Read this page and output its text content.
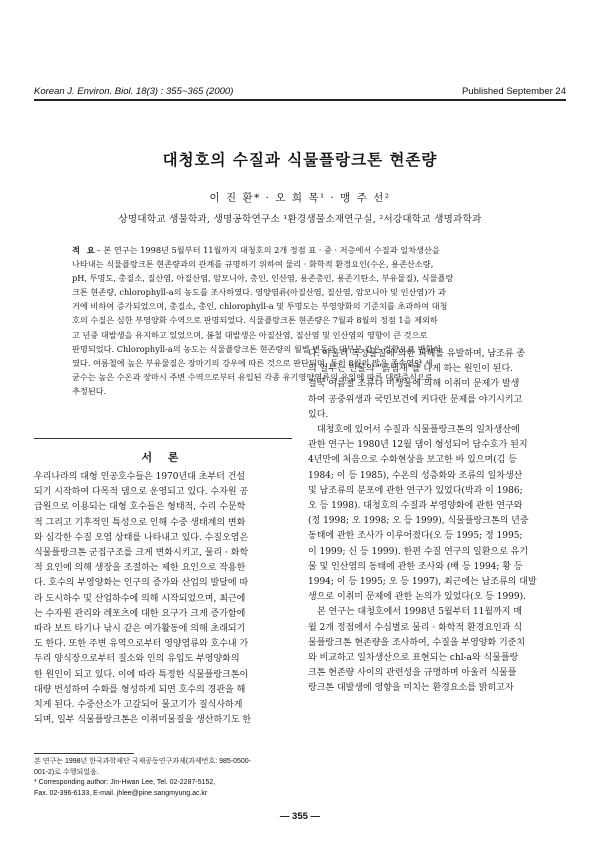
Korean J. Environ. Biol. 18(3) : 355~365 (2000)	Published September 24
대청호의 수질과 식물플랑크톤 현존량
이 진 환* · 오 희 목¹ · 맹 주 선²
상명대학교 생물학과, 생명공학연구소 ¹환경생물소재연구실, ²서강대학교 생명과학과
적 요– 본 연구는 1998년 5월부터 11월까지 대청호의 2개 정점 표 · 중 · 저층에서 수질과 일차생산을
나타내는 식물플랑크톤 현존량과의 관계를 규명하기 위하여 물리 · 화학적 환경요인(수온, 용존산소량,
pH, 투명도, 총질소, 질산염, 아질산염, 암모니아, 총인, 인산염, 용존총인, 용존기탄소, 부유물질), 식물플랑
크톤 현존량, chlorophyll-a의 농도를 조사하였다. 영양염류(아질산염, 질산염, 암모니아 및 인산염)가 과
거에 비하여 증가되었으며, 총질소, 총인, chlorophyll-a 및 투명도는 부영양화의 기준치를 초과하여 대청
호의 수질은 심한 부영양화 수역으로 판명되었다. 식물플랑크톤 현존량은 7월과 8월의 정점 1을 제외하
고 년중 대발생을 유지하고 있었으며, 봄철 대발생은 아질산염, 질산염 및 인산염의 영향이 큰 것으로
판명되었다. Chlorophyll-a의 농도는 식물플랑크톤 현존량의 월별 변동과 대부분 같은 경향으로 변화하
였다. 여름철에 높은 부유물질은 장마기의 강우에 따른 것으로 판단되며, 특히 8월의 많은 종속영양 세
균수는 높은 수온과 장마시 주변 수역으로부터 유입된 각종 유기영양염류의 유입에 따른 대량증식으로
추정된다.
서 론
우리나라의 대형 인공호수들은 1970년대 초부터 건설
되기 시작하여 다목적 댐으로 운영되고 있다. 수자원 공
급원으로 이용되는 대형 호수들은 형태적, 수리 수문학
적 그리고 기후적인 특성으로 인해 수중 생태계의 변화
와 심각한 수질 오염 상태를 나타내고 있다. 수질오염은
식물플랑크톤 군집구조를 크게 변화시키고, 물리 · 화학
적 요인에 의해 생장을 조절하는 제한 요인으로 작용한
다. 호수의 부영양화는 인구의 증가와 산업의 발달에 따
라 도시하수 및 산업하수에 의해 시작되었으며, 최근에
는 수자원 관리와 레포츠에 대한 요구가 크게 증가함에
따라 보트 타기나 낚시 같은 여가활동에 의해 초래되기
도 한다. 또한 주변 유역으로부터 영양염류와 호수내 가
두리 양식장으로부터 질소와 인의 유입도 부영양화의
한 원인이 되고 있다. 이에 따라 특정한 식물플랑크톤이
대량 번성하여 수화를 형성하게 되면 호수의 경관을 해
치게 된다. 수중산소가 고갈되어 물고기가 질식사하게
되며, 일부 식물플랑크톤은 이취미물질을 생산하기도 한
다. 아울러 독성물질에 의한 피해를 유발하며, 남조류 종
의 일부는 민물의 "흙냄새"를 나게 하는 원인이 된다.
결국 여름철 조류나 미생물에 의해 이취미 문제가 발생
하여 공중위생과 국민보건에 커다란 문제를 야기시키고
있다.
　대청호에 있어서 수질과 식물플랑크톤의 일차생산에
관한 연구는 1980년 12월 댐이 형성되어 담수호가 된지
4년만에 처음으로 수화현상을 보고한 바 있으며(김 등
1984; 이 등 1985), 수온의 성층화와 조류의 일차생산
및 남조류의 분포에 관한 연구가 있었다(박과 이 1986;
오 등 1998). 대청호의 수질과 부영양화에 관한 연구와
(정 1998; 오 1998; 오 등 1999), 식물플랑크톤의 년중
동태에 관한 조사가 이루어졌다(오 등 1995; 정 1995;
이 1999; 신 등 1999). 한편 수질 연구의 일환으로 유기
물 및 인산염의 동태에 관한 조사와 (배 등 1994; 황 등
1994; 이 등 1995; 오 등 1997), 최근에는 남조류의 대발
생으로 이취미 문제에 관한 논의가 있었다(오 등 1999).
　본 연구는 대청호에서 1998년 5월부터 11월까지 매
월 2개 정점에서 수심별로 물리 · 화학적 환경요인과 식
물플랑크톤 현존량을 조사하여, 수질을 부영양화 기준치
와 비교하고 일차생산으로 표현되는 chl-a와 식물플랑
크톤 현존량 사이의 관련성을 규명하며 아울러 식물플
랑크톤 대발생에 영향을 미치는 환경요소를 밝히고자
본 연구는 1998년 한국과학재단 국제공동연구과제(과제번호: 985-0500-
001-2)로 수행되었음.
* Corresponding author: Jin-Hwan Lee, Tel. 02-2287-5152,
Fax. 02-396-6133, E-mail. jhlee@pine.sangmyung.ac.kr
— 355 —
